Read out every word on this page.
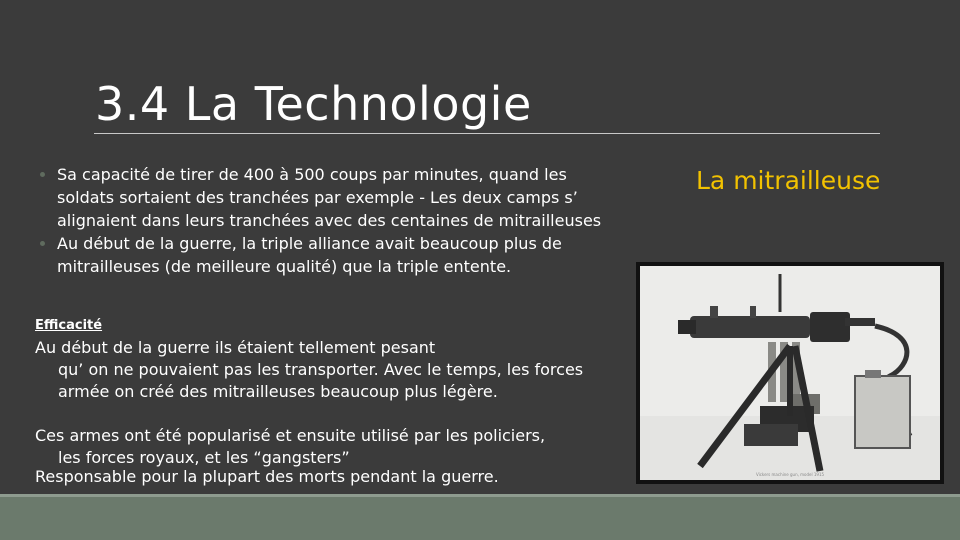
3.4 La Technologie
Sa capacité de tirer de 400 à 500 coups par minutes, quand les soldats sortaient des tranchées par exemple - Les deux camps s’ alignaient dans leurs tranchées avec des centaines de mitrailleuses
Au début de la guerre, la triple alliance avait beaucoup plus de mitrailleuses (de meilleure qualité) que la triple entente.
Efficacité
Au début de la guerre ils étaient tellement pesant
qu’ on ne pouvaient pas les transporter. Avec le temps, les forces armée on créé des mitrailleuses beaucoup plus légère.
Ces armes ont été popularisé et ensuite utilisé par les policiers,
les forces royaux, et les “gangsters”
Responsable pour la plupart des morts pendant la guerre.
La mitrailleuse
Vickers machine gun, model 1915
